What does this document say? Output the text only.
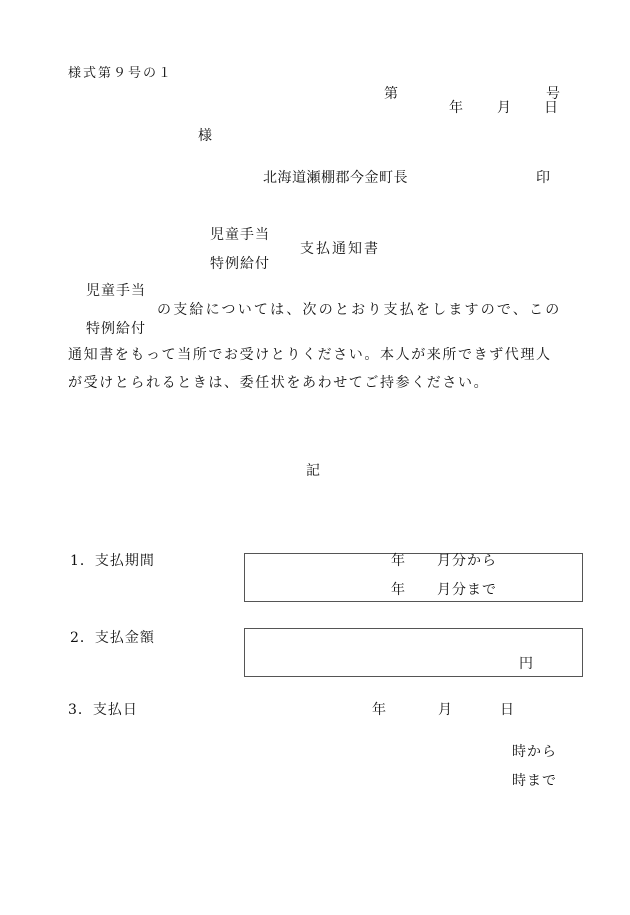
様式第９号の１
第	号
年 月 日
様
北海道瀬棚郡今金町長	印
児童手当
特例給付
支払通知書
児童手当
特例給付
の支給については、次のとおり支払をしますので、この
通知書をもって当所でお受けとりください。本人が来所できず代理人
が受けとられるときは、委任状をあわせてご持参ください。
記
1．支払期間	年 月分から
年 月分まで
2．支払金額
円
3．支払日	年	月	日
時から
時まで
